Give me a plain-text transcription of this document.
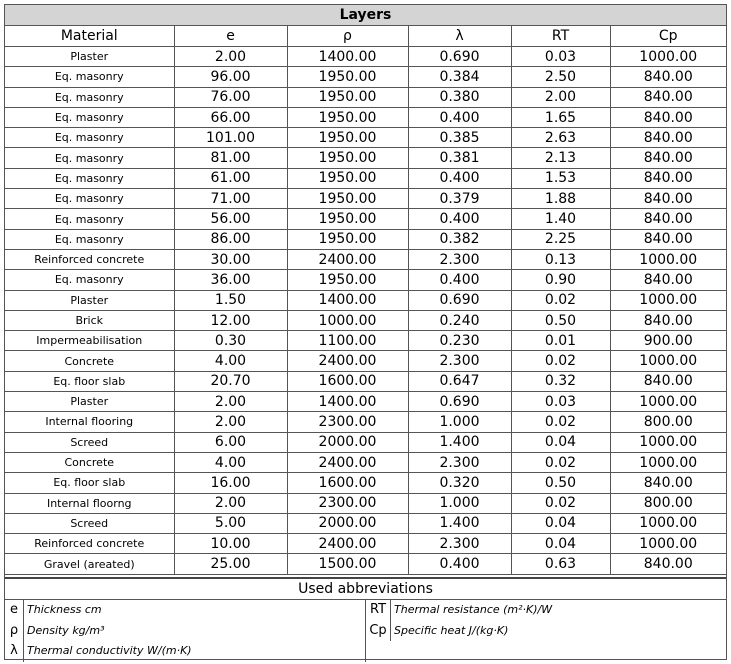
Layers
Material	e	ρ	λ	RT	Cp
Plaster	2.00	1400.00	0.690	0.03	1000.00
Eq. masonry	96.00	1950.00	0.384	2.50	840.00
Eq. masonry	76.00	1950.00	0.380	2.00	840.00
Eq. masonry	66.00	1950.00	0.400	1.65	840.00
Eq. masonry	101.00	1950.00	0.385	2.63	840.00
Eq. masonry	81.00	1950.00	0.381	2.13	840.00
Eq. masonry	61.00	1950.00	0.400	1.53	840.00
Eq. masonry	71.00	1950.00	0.379	1.88	840.00
Eq. masonry	56.00	1950.00	0.400	1.40	840.00
Eq. masonry	86.00	1950.00	0.382	2.25	840.00
Reinforced concrete	30.00	2400.00	2.300	0.13	1000.00
Eq. masonry	36.00	1950.00	0.400	0.90	840.00
Plaster	1.50	1400.00	0.690	0.02	1000.00
Brick	12.00	1000.00	0.240	0.50	840.00
Impermeabilisation	0.30	1100.00	0.230	0.01	900.00
Concrete	4.00	2400.00	2.300	0.02	1000.00
Eq. floor slab	20.70	1600.00	0.647	0.32	840.00
Plaster	2.00	1400.00	0.690	0.03	1000.00
Internal flooring	2.00	2300.00	1.000	0.02	800.00
Screed	6.00	2000.00	1.400	0.04	1000.00
Concrete	4.00	2400.00	2.300	0.02	1000.00
Eq. floor slab	16.00	1600.00	0.320	0.50	840.00
Internal floorng	2.00	2300.00	1.000	0.02	800.00
Screed	5.00	2000.00	1.400	0.04	1000.00
Reinforced concrete	10.00	2400.00	2.300	0.04	1000.00
Gravel (areated)	25.00	1500.00	0.400	0.63	840.00
Used abbreviations
e Thickness cm
ρ Density kg/m³
λ Thermal conductivity W/(m·K)
RT Thermal resistance (m²·K)/W
Cp Specific heat J/(kg·K)
